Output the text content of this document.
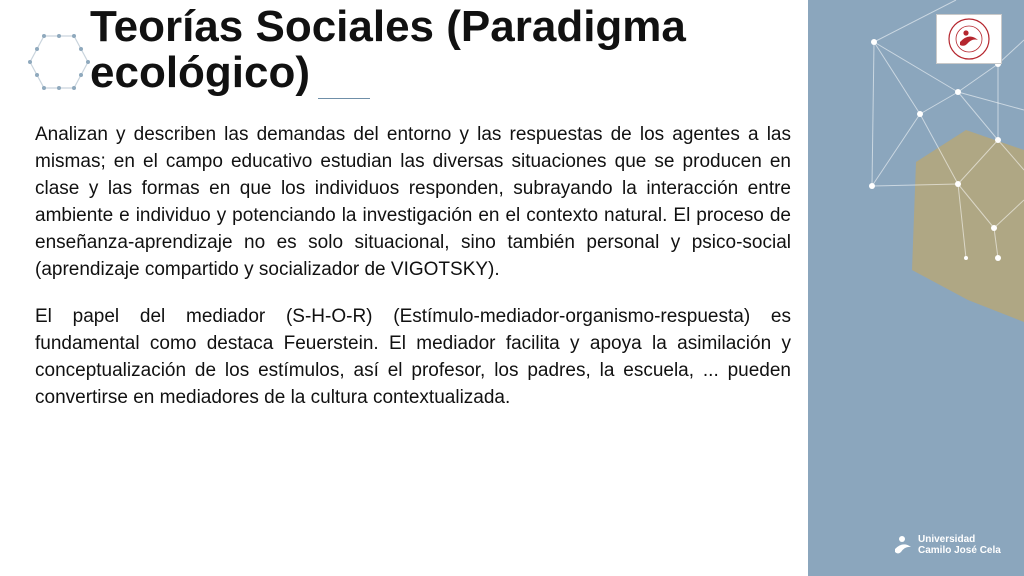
Teorías Sociales (Paradigma ecológico)

Analizan y describen las demandas del entorno y las respuestas de los agentes a las mismas; en el campo educativo estudian las diversas situaciones que se producen en clase y las formas en que los individuos responden, subrayando la interacción entre ambiente e individuo y potenciando la investigación en el contexto natural. El proceso de enseñanza-aprendizaje no es solo situacional, sino también personal y psico-social (aprendizaje compartido y socializador de VIGOTSKY).

El papel del mediador (S-H-O-R) (Estímulo-mediador-organismo-respuesta) es fundamental como destaca Feuerstein. El mediador facilita y apoya la asimilación y conceptualización de los estímulos, así el profesor, los padres, la escuela, ... pueden convertirse en mediadores de la cultura contextualizada.

Universidad
Camilo José Cela
